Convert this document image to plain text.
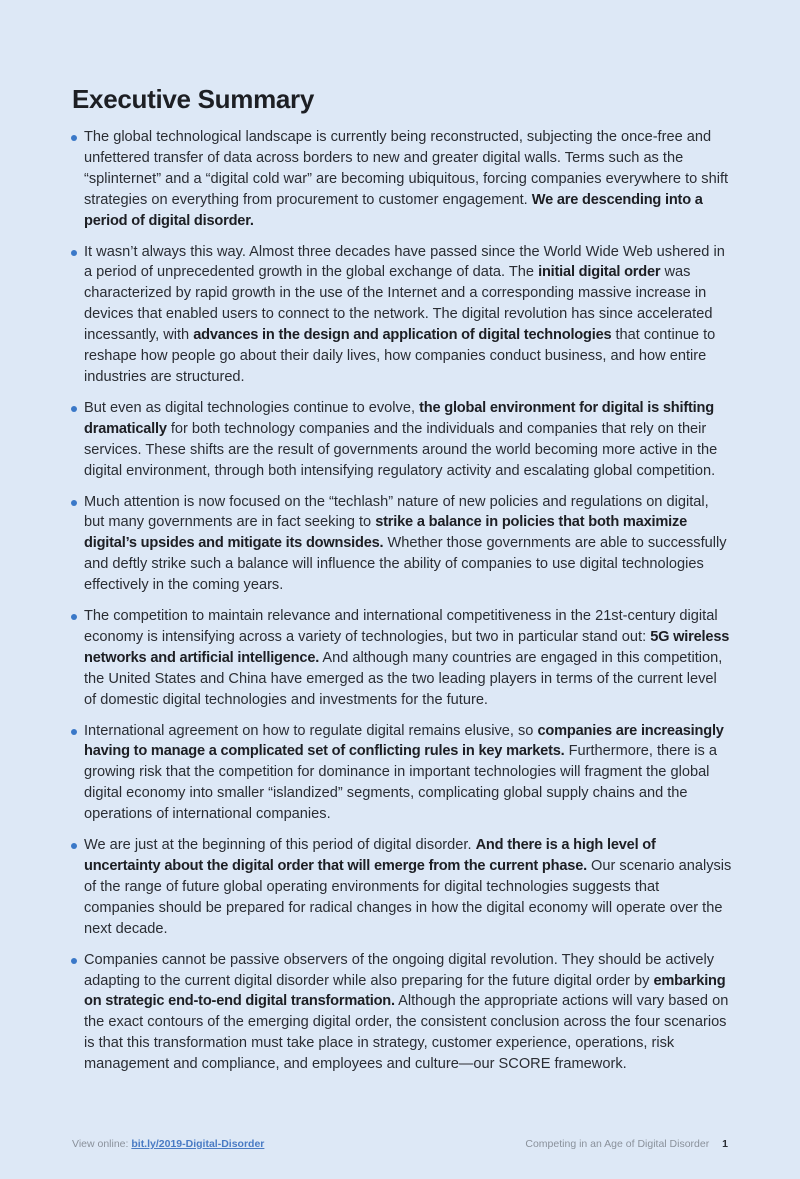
Executive Summary
The global technological landscape is currently being reconstructed, subjecting the once-free and unfettered transfer of data across borders to new and greater digital walls. Terms such as the “splinternet” and a “digital cold war” are becoming ubiquitous, forcing companies everywhere to shift strategies on everything from procurement to customer engagement. We are descending into a period of digital disorder.
It wasn’t always this way. Almost three decades have passed since the World Wide Web ushered in a period of unprecedented growth in the global exchange of data. The initial digital order was characterized by rapid growth in the use of the Internet and a corresponding massive increase in devices that enabled users to connect to the network. The digital revolution has since accelerated incessantly, with advances in the design and application of digital technologies that continue to reshape how people go about their daily lives, how companies conduct business, and how entire industries are structured.
But even as digital technologies continue to evolve, the global environment for digital is shifting dramatically for both technology companies and the individuals and companies that rely on their services. These shifts are the result of governments around the world becoming more active in the digital environment, through both intensifying regulatory activity and escalating global competition.
Much attention is now focused on the “techlash” nature of new policies and regulations on digital, but many governments are in fact seeking to strike a balance in policies that both maximize digital’s upsides and mitigate its downsides. Whether those governments are able to successfully and deftly strike such a balance will influence the ability of companies to use digital technologies effectively in the coming years.
The competition to maintain relevance and international competitiveness in the 21st-century digital economy is intensifying across a variety of technologies, but two in particular stand out: 5G wireless networks and artificial intelligence. And although many countries are engaged in this competition, the United States and China have emerged as the two leading players in terms of the current level of domestic digital technologies and investments for the future.
International agreement on how to regulate digital remains elusive, so companies are increasingly having to manage a complicated set of conflicting rules in key markets. Furthermore, there is a growing risk that the competition for dominance in important technologies will fragment the global digital economy into smaller “islandized” segments, complicating global supply chains and the operations of international companies.
We are just at the beginning of this period of digital disorder. And there is a high level of uncertainty about the digital order that will emerge from the current phase. Our scenario analysis of the range of future global operating environments for digital technologies suggests that companies should be prepared for radical changes in how the digital economy will operate over the next decade.
Companies cannot be passive observers of the ongoing digital revolution. They should be actively adapting to the current digital disorder while also preparing for the future digital order by embarking on strategic end-to-end digital transformation. Although the appropriate actions will vary based on the exact contours of the emerging digital order, the consistent conclusion across the four scenarios is that this transformation must take place in strategy, customer experience, operations, risk management and compliance, and employees and culture—our SCORE framework.
View online: bit.ly/2019-Digital-Disorder	Competing in an Age of Digital Disorder 1
